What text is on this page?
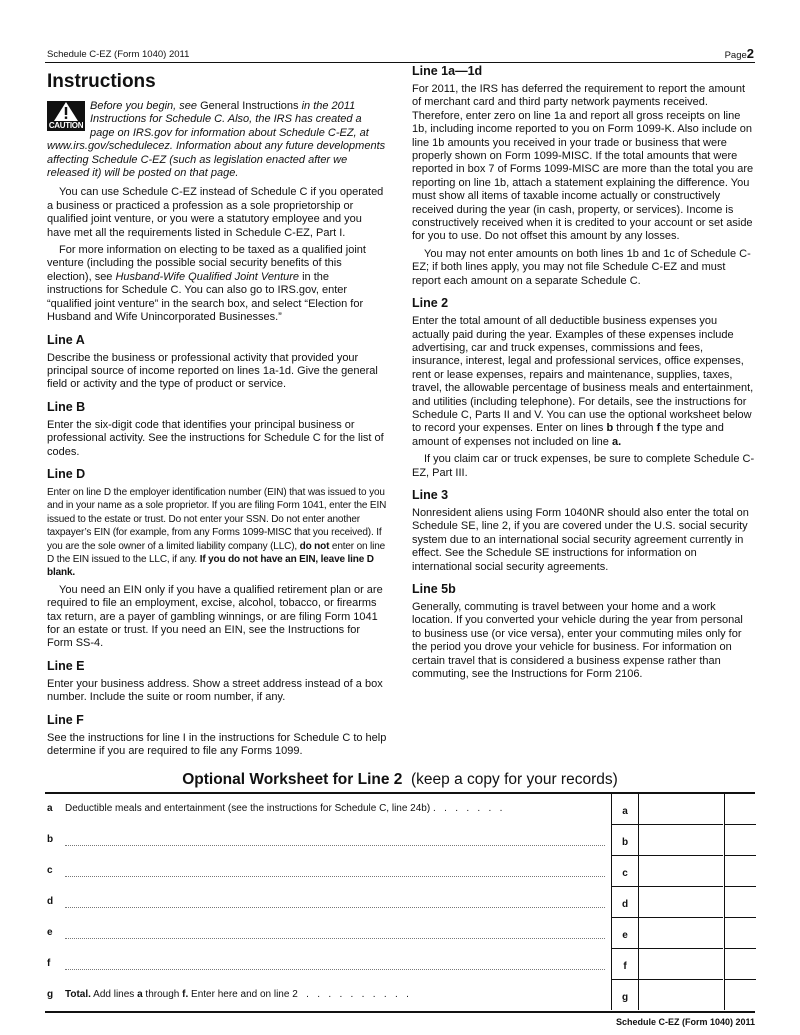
Schedule C-EZ (Form 1040) 2011	Page2
Instructions

CAUTION
Before you begin, see General Instructions in the 2011 Instructions for Schedule C. Also, the IRS has created a page on IRS.gov for information about Schedule C-EZ, at www.irs.gov/schedulecez. Information about any future developments affecting Schedule C-EZ (such as legislation enacted after we released it) will be posted on that page.

You can use Schedule C-EZ instead of Schedule C if you operated a business or practiced a profession as a sole proprietorship or qualified joint venture, or you were a statutory employee and you have met all the requirements listed in Schedule C-EZ, Part I.

For more information on electing to be taxed as a qualified joint venture (including the possible social security benefits of this election), see Husband-Wife Qualified Joint Venture in the instructions for Schedule C. You can also go to IRS.gov, enter “qualified joint venture” in the search box, and select “Election for Husband and Wife Unincorporated Businesses.”

Line A

Describe the business or professional activity that provided your principal source of income reported on lines 1a-1d. Give the general field or activity and the type of product or service.

Line B

Enter the six-digit code that identifies your principal business or professional activity. See the instructions for Schedule C for the list of codes.

Line D

Enter on line D the employer identification number (EIN) that was issued to you and in your name as a sole proprietor. If you are filing Form 1041, enter the EIN issued to the estate or trust. Do not enter your SSN. Do not enter another taxpayer’s EIN (for example, from any Forms 1099-MISC that you received). If you are the sole owner of a limited liability company (LLC), do not enter on line D the EIN issued to the LLC, if any. If you do not have an EIN, leave line D blank.

You need an EIN only if you have a qualified retirement plan or are required to file an employment, excise, alcohol, tobacco, or firearms tax return, are a payer of gambling winnings, or are filing Form 1041 for an estate or trust. If you need an EIN, see the Instructions for Form SS-4.

Line E

Enter your business address. Show a street address instead of a box number. Include the suite or room number, if any.

Line F

See the instructions for line I in the instructions for Schedule C to help determine if you are required to file any Forms 1099.

Line 1a—1d

For 2011, the IRS has deferred the requirement to report the amount of merchant card and third party network payments received. Therefore, enter zero on line 1a and report all gross receipts on line 1b, including income reported to you on Form 1099-K. Also include on line 1b amounts you received in your trade or business that were properly shown on Form 1099-MISC. If the total amounts that were reported in box 7 of Forms 1099-MISC are more than the total you are reporting on line 1b, attach a statement explaining the difference. You must show all items of taxable income actually or constructively received during the year (in cash, property, or services). Income is constructively received when it is credited to your account or set aside for you to use. Do not offset this amount by any losses.

You may not enter amounts on both lines 1b and 1c of Schedule C-EZ; if both lines apply, you may not file Schedule C-EZ and must report each amount on a separate Schedule C.

Line 2

Enter the total amount of all deductible business expenses you actually paid during the year. Examples of these expenses include advertising, car and truck expenses, commissions and fees, insurance, interest, legal and professional services, office expenses, rent or lease expenses, repairs and maintenance, supplies, taxes, travel, the allowable percentage of business meals and entertainment, and utilities (including telephone). For details, see the instructions for Schedule C, Parts II and V. You can use the optional worksheet below to record your expenses. Enter on lines b through f the type and amount of expenses not included on line a.

If you claim car or truck expenses, be sure to complete Schedule C-EZ, Part III.

Line 3

Nonresident aliens using Form 1040NR should also enter the total on Schedule SE, line 2, if you are covered under the U.S. social security system due to an international social security agreement currently in effect. See the Schedule SE instructions for information on international social security agreements.

Line 5b

Generally, commuting is travel between your home and a work location. If you converted your vehicle during the year from personal to business use (or vice versa), enter your commuting miles only for the period you drove your vehicle for business. For information on certain travel that is considered a business expense rather than commuting, see the Instructions for Form 2106.

Optional Worksheet for Line 2 (keep a copy for your records)
a Deductible meals and entertainment (see the instructions for Schedule C, line 24b) .   .   .   .   .   .   .	a
b	b
c	c
d	d
e	e
f	f
g Total. Add lines a through f. Enter here and on line 2   .   .   .   .   .   .   .   .   .   .	g
Schedule C-EZ (Form 1040) 2011
